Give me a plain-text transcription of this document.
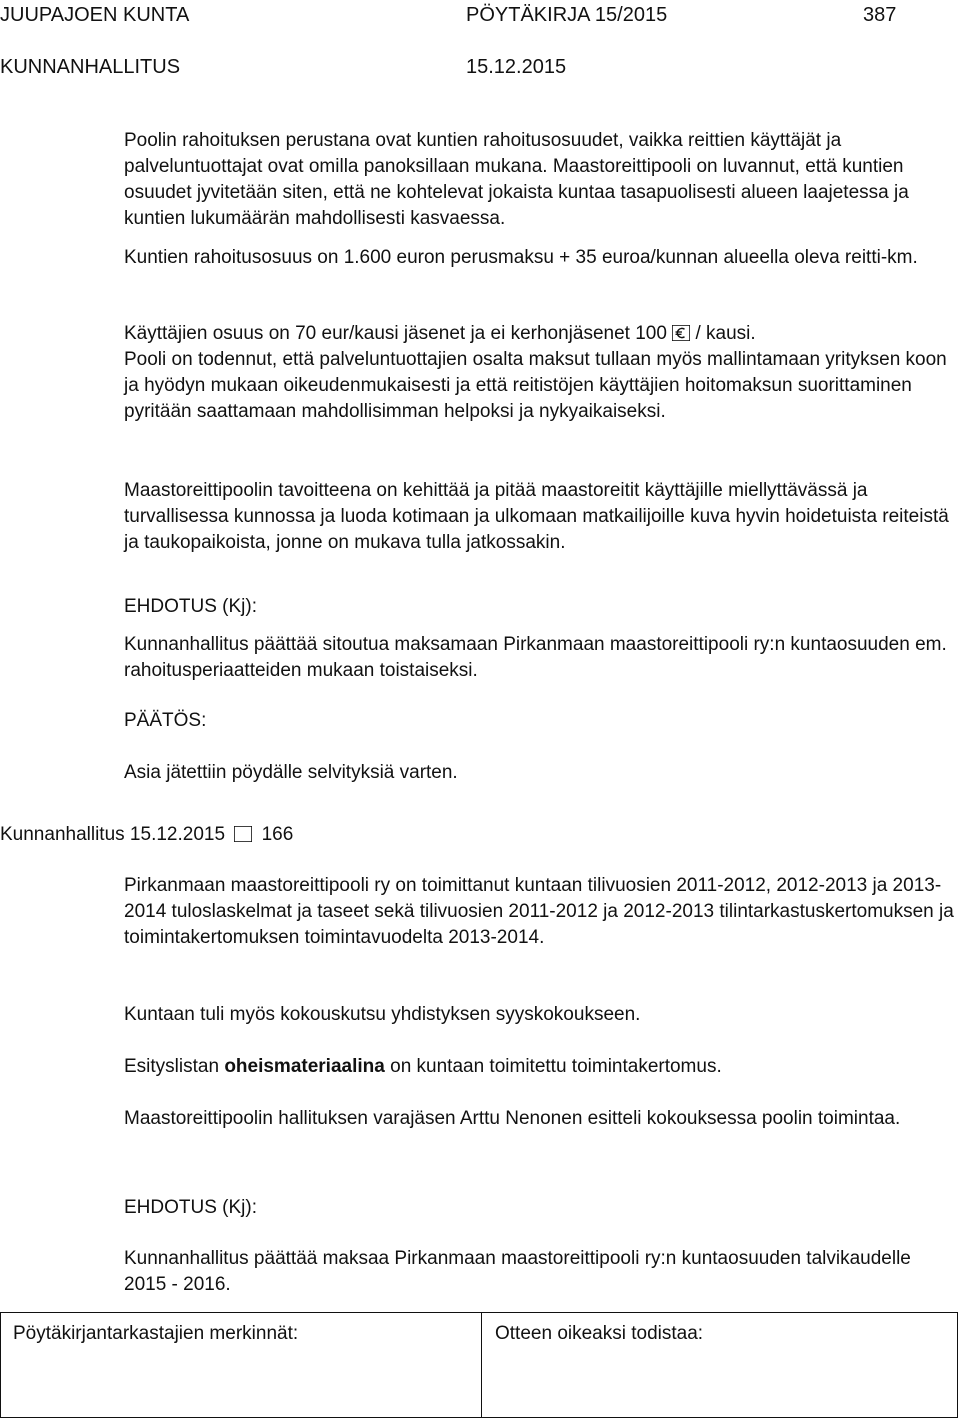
JUUPAJOEN KUNTA	PÖYTÄKIRJA 15/2015	387
KUNNANHALLITUS	15.12.2015

Poolin rahoituksen perustana ovat kuntien rahoitusosuudet, vaikka reittien käyttäjät ja palveluntuottajat ovat omilla panoksillaan mukana. Maastoreittipooli on luvannut, että kuntien osuudet jyvitetään siten, että ne kohtelevat jokaista kuntaa tasapuolisesti alueen laajetessa ja kuntien lukumäärän mahdollisesti kasvaessa.

Kuntien rahoitusosuus on 1.600 euron perusmaksu + 35 euroa/kunnan alueella oleva reitti-km.

Käyttäjien osuus on 70 eur/kausi jäsenet ja ei kerhonjäsenet 100 / kausi.

Pooli on todennut, että palveluntuottajien osalta maksut tullaan myös mallintamaan yrityksen koon ja hyödyn mukaan oikeudenmukaisesti ja että reitistöjen käyttäjien hoitomaksun suorittaminen pyritään saattamaan mahdollisimman helpoksi ja nykyaikaiseksi.

Maastoreittipoolin tavoitteena on kehittää ja pitää maastoreitit käyttäjille miellyttävässä ja turvallisessa kunnossa ja luoda kotimaan ja ulkomaan matkailijoille kuva hyvin hoidetuista reiteistä ja taukopaikoista, jonne on mukava tulla jatkossakin.

EHDOTUS (Kj):

Kunnanhallitus päättää sitoutua maksamaan Pirkanmaan maastoreittipooli ry:n kuntaosuuden em. rahoitusperiaatteiden mukaan toistaiseksi.

PÄÄTÖS:

Asia jätettiin pöydälle selvityksiä varten.

Kunnanhallitus 15.12.2015 166

Pirkanmaan maastoreittipooli ry on toimittanut kuntaan tilivuosien 2011-2012, 2012-2013 ja 2013-2014 tuloslaskelmat ja taseet sekä tilivuosien 2011-2012 ja 2012-2013 tilintarkastuskertomuksen ja toimintakertomuksen toimintavuodelta 2013-2014.

Kuntaan tuli myös kokouskutsu yhdistyksen syyskokoukseen.

Esityslistan oheismateriaalina on kuntaan toimitettu toimintakertomus.

Maastoreittipoolin hallituksen varajäsen Arttu Nenonen esitteli kokouksessa poolin toimintaa.

EHDOTUS (Kj):

Kunnanhallitus päättää maksaa Pirkanmaan maastoreittipooli ry:n kuntaosuuden talvikaudelle 2015 - 2016.

Pöytäkirjantarkastajien merkinnät:	Otteen oikeaksi todistaa:
